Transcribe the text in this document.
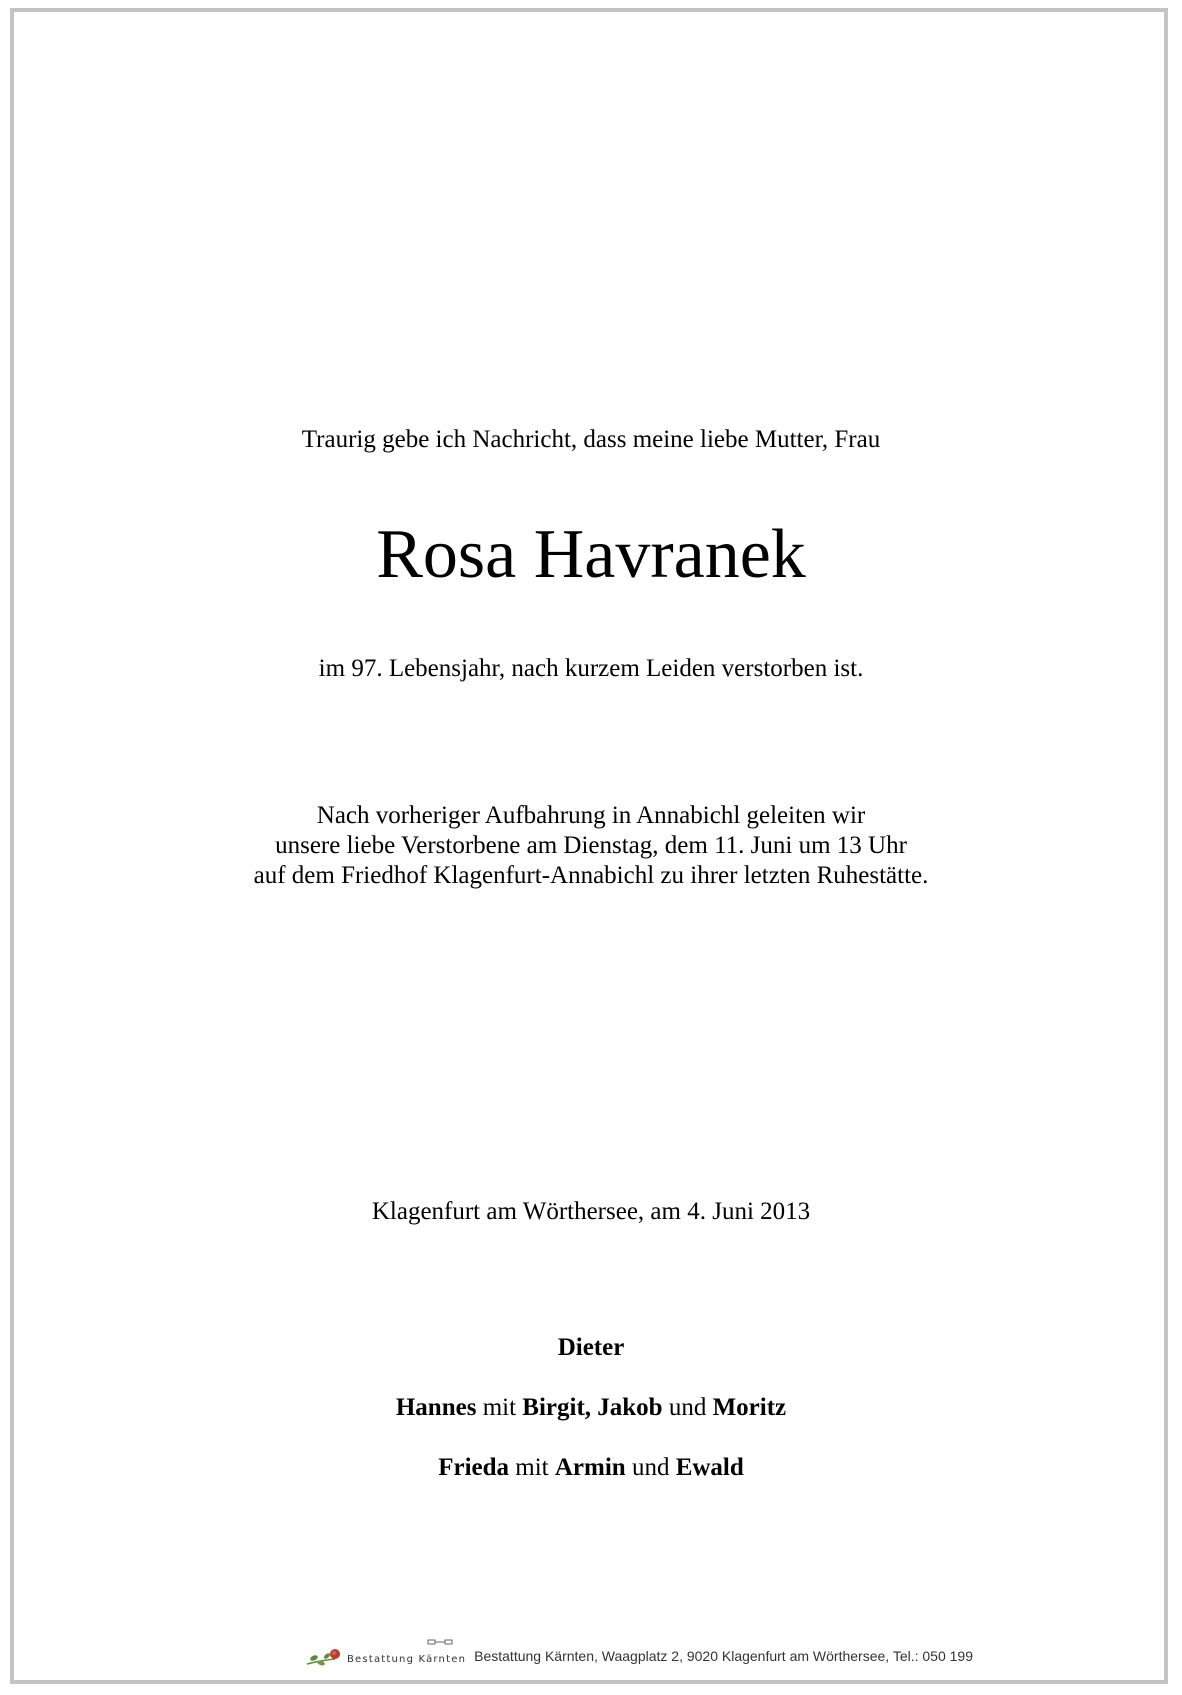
Traurig gebe ich Nachricht, dass meine liebe Mutter, Frau
Rosa Havranek
im 97. Lebensjahr, nach kurzem Leiden verstorben ist.
Nach vorheriger Aufbahrung in Annabichl geleiten wir
unsere liebe Verstorbene am Dienstag, dem 11. Juni um 13 Uhr
auf dem Friedhof Klagenfurt-Annabichl zu ihrer letzten Ruhestätte.
Klagenfurt am Wörthersee, am 4. Juni 2013
Dieter
Hannes mit Birgit, Jakob und Moritz
Frieda mit Armin und Ewald
Bestattung Kärnten Bestattung Kärnten, Waagplatz 2, 9020 Klagenfurt am Wörthersee, Tel.: 050 199
